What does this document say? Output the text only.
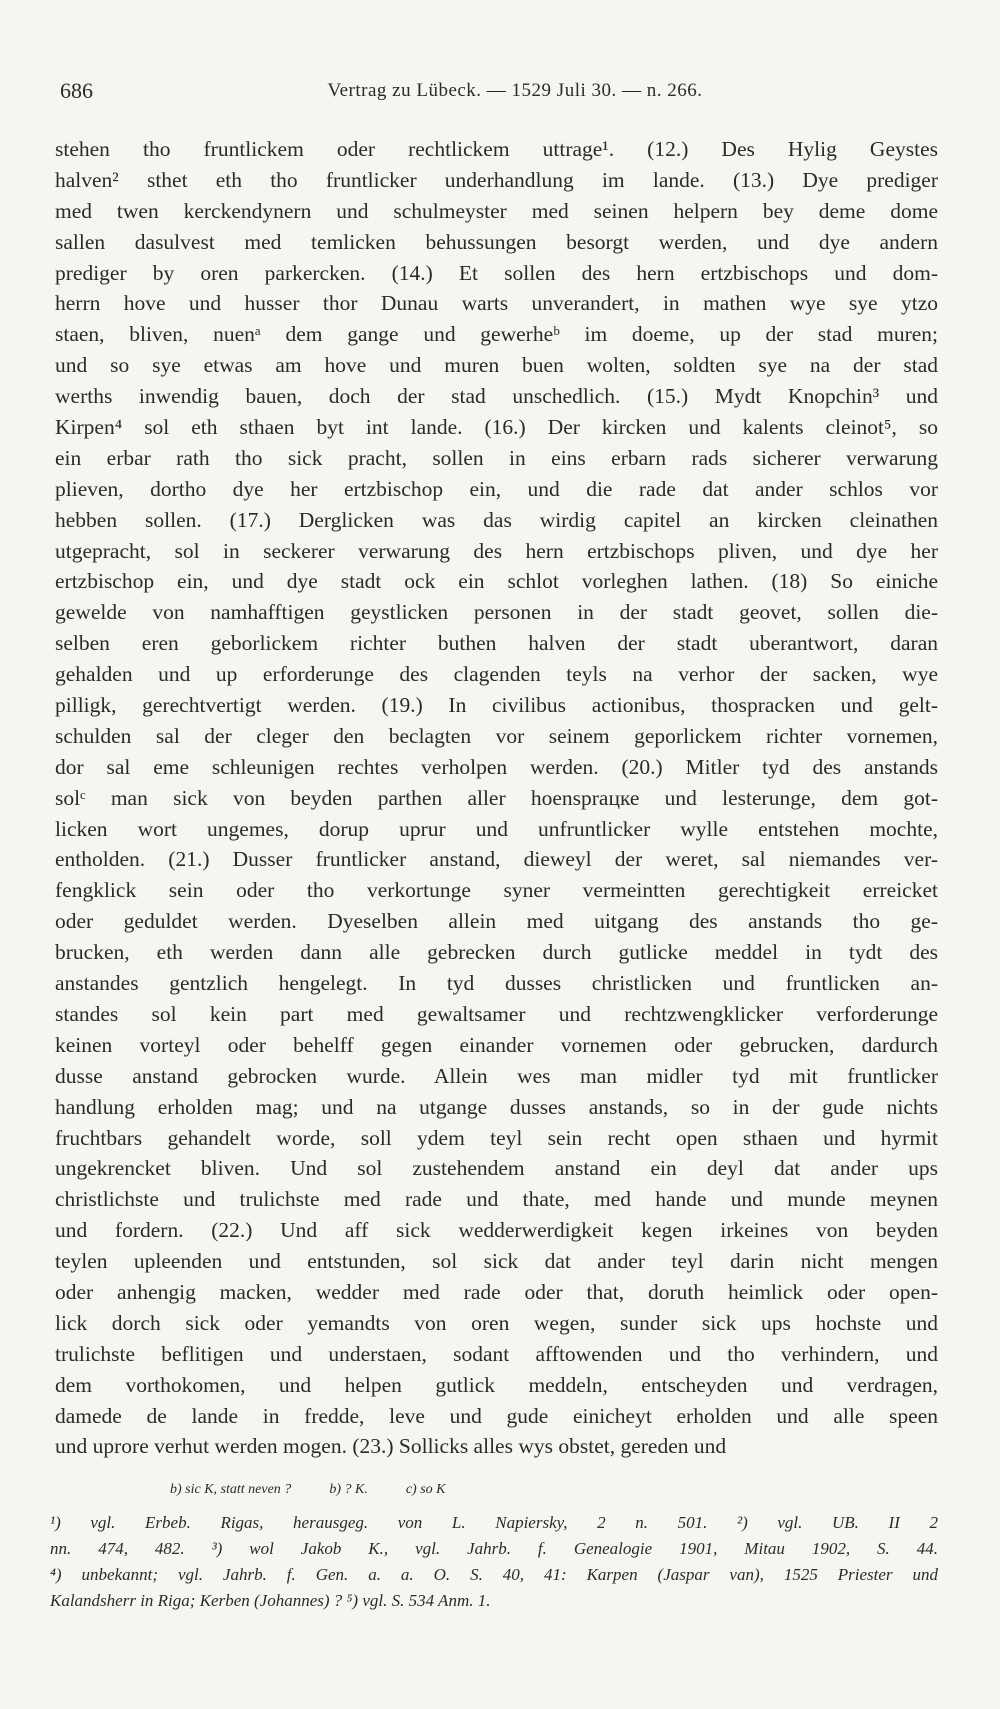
686	Vertrag zu Lübeck. — 1529 Juli 30. — n. 266.
stehen tho fruntlickem oder rechtlickem uttrage¹. (12.) Des Hylig Geystes
halven² sthet eth tho fruntlicker underhandlung im lande. (13.) Dye prediger
med twen kerckendynern und schulmeyster med seinen helpern bey deme dome
sallen dasulvest med temlicken behussungen besorgt werden, und dye andern
prediger by oren parkercken. (14.) Et sollen des hern ertzbischops und dom-
herrn hove und husser thor Dunau warts unverandert, in mathen wye sye ytzo
staen, bliven, nuenᵃ dem gange und gewerheᵇ im doeme, up der stad muren;
und so sye etwas am hove und muren buen wolten, soldten sye na der stad
werths inwendig bauen, doch der stad unschedlich. (15.) Mydt Knopchin³ und
Kirpen⁴ sol eth sthaen byt int lande. (16.) Der kircken und kalents cleinot⁵, so
ein erbar rath tho sick pracht, sollen in eins erbarn rads sicherer verwarung
plieven, dortho dye her ertzbischop ein, und die rade dat ander schlos vor
hebben sollen. (17.) Derglicken was das wirdig capitel an kircken cleinathen
utgepracht, sol in seckerer verwarung des hern ertzbischops pliven, und dye her
ertzbischop ein, und dye stadt ock ein schlot vorleghen lathen. (18) So einiche
gewelde von namhafftigen geystlicken personen in der stadt geovet, sollen die-
selben eren geborlickem richter buthen halven der stadt uberantwort, daran
gehalden und up erforderunge des clagenden teyls na verhor der sacken, wye
pilligk, gerechtvertigt werden. (19.) In civilibus actionibus, thospracken und gelt-
schulden sal der cleger den beclagten vor seinem geporlickem richter vornemen,
dor sal eme schleunigen rechtes verholpen werden. (20.) Mitler tyd des anstands
solᶜ man sick von beyden parthen aller hoensprацке und lesterunge, dem got-
licken wort ungemes, dorup uprur und unfruntlicker wylle entstehen mochte,
entholden. (21.) Dusser fruntlicker anstand, dieweyl der weret, sal niemandes ver-
fengklick sein oder tho verkortunge syner vermeintten gerechtigkeit erreicket
oder geduldet werden. Dyeselben allein med uitgang des anstands tho ge-
brucken, eth werden dann alle gebrecken durch gutlicke meddel in tydt des
anstandes gentzlich hengelegt. In tyd dusses christlicken und fruntlicken an-
standes sol kein part med gewaltsamer und rechtzwengklicker verforderunge
keinen vorteyl oder behelff gegen einander vornemen oder gebrucken, dardurch
dusse anstand gebrocken wurde. Allein wes man midler tyd mit fruntlicker
handlung erholden mag; und na utgange dusses anstands, so in der gude nichts
fruchtbars gehandelt worde, soll ydem teyl sein recht open sthaen und hyrmit
ungekrencket bliven. Und sol zustehendem anstand ein deyl dat ander ups
christlichste und trulichste med rade und thate, med hande und munde meynen
und fordern. (22.) Und aff sick wedderwerdigkeit kegen irkeines von beyden
teylen upleenden und entstunden, sol sick dat ander teyl darin nicht mengen
oder anhengig macken, wedder med rade oder that, doruth heimlick oder open-
lick dorch sick oder yemandts von oren wegen, sunder sick ups hochste und
trulichste beflitigen und understaen, sodant afftowenden und tho verhindern, und
dem vorthokomen, und helpen gutlick meddeln, entscheyden und verdragen,
damede de lande in fredde, leve und gude einicheyt erholden und alle speen
und uprore verhut werden mogen. (23.) Sollicks alles wys obstet, gereden und
b) sic K, statt neven ?	b) ? K.	c) so K
¹) vgl. Erbeb. Rigas, herausgeg. von L. Napiersky, 2 n. 501. ²) vgl. UB. II 2
nn. 474, 482. ³) wol Jakob K., vgl. Jahrb. f. Genealogie 1901, Mitau 1902, S. 44.
⁴) unbekannt; vgl. Jahrb. f. Gen. a. a. O. S. 40, 41: Karpen (Jaspar van), 1525 Priester und
Kalandsherr in Riga; Kerben (Johannes) ? ⁵) vgl. S. 534 Anm. 1.
